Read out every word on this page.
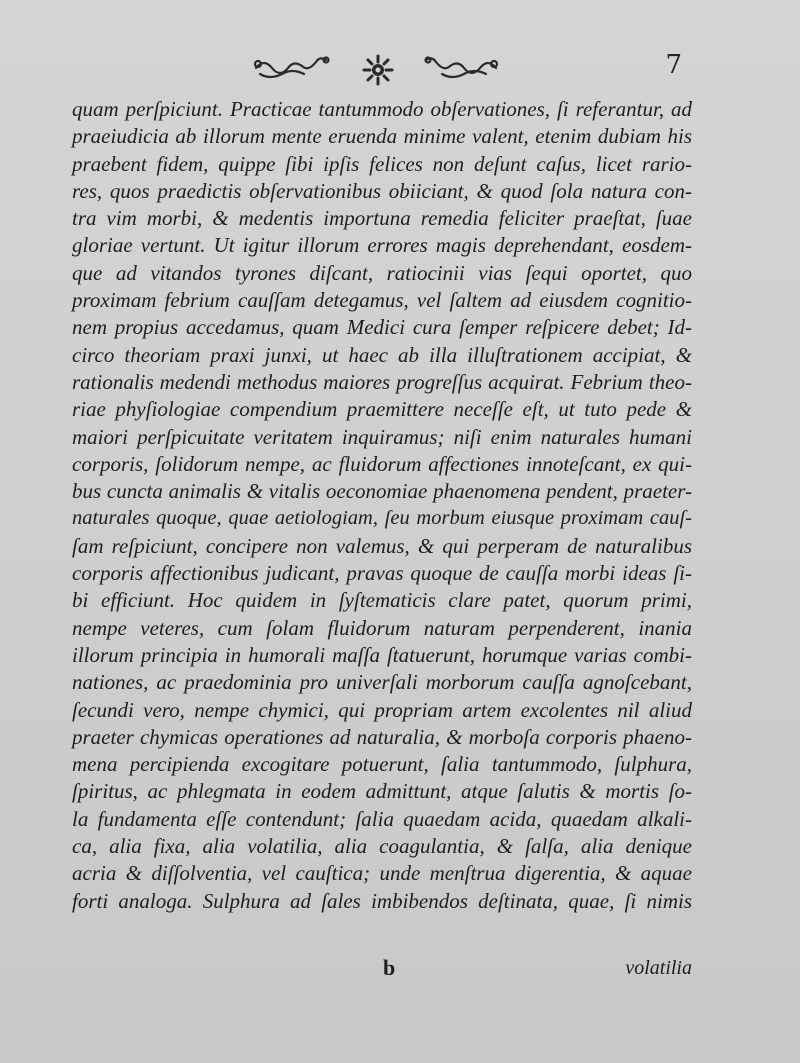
7
quam perſpiciunt. Practicae tantummodo obſervationes, ſi referantur, ad
praeiudicia ab illorum mente eruenda minime valent, etenim dubiam his
praebent fidem, quippe ſibi ipſis felices non deſunt caſus, licet rario-
res, quos praedictis obſervationibus obiiciant, & quod ſola natura con-
tra vim morbi, & medentis importuna remedia feliciter praeſtat, ſuae
gloriae vertunt. Ut igitur illorum errores magis deprehendant, eosdem-
que ad vitandos tyrones diſcant, ratiocinii vias ſequi oportet, quo
proximam febrium cauſſam detegamus, vel ſaltem ad eiusdem cognitio-
nem propius accedamus, quam Medici cura ſemper reſpicere debet; Id-
circo theoriam praxi junxi, ut haec ab illa illuſtrationem accipiat, &
rationalis medendi methodus maiores progreſſus acquirat. Febrium theo-
riae phyſiologiae compendium praemittere neceſſe eſt, ut tuto pede &
maiori perſpicuitate veritatem inquiramus; niſi enim naturales humani
corporis, ſolidorum nempe, ac fluidorum affectiones innoteſcant, ex qui-
bus cuncta animalis & vitalis oeconomiae phaenomena pendent, praeter-
naturales quoque, quae aetiologiam, ſeu morbum eiusque proximam cauſ-
ſam reſpiciunt, concipere non valemus, & qui perperam de naturalibus
corporis affectionibus judicant, pravas quoque de cauſſa morbi ideas ſi-
bi efficiunt. Hoc quidem in ſyſtematicis clare patet, quorum primi,
nempe veteres, cum ſolam fluidorum naturam perpenderent, inania
illorum principia in humorali maſſa ſtatuerunt, horumque varias combi-
nationes, ac praedominia pro univerſali morborum cauſſa agnoſcebant,
ſecundi vero, nempe chymici, qui propriam artem excolentes nil aliud
praeter chymicas operationes ad naturalia, & morboſa corporis phaeno-
mena percipienda excogitare potuerunt, ſalia tantummodo, ſulphura,
ſpiritus, ac phlegmata in eodem admittunt, atque ſalutis & mortis ſo-
la fundamenta eſſe contendunt; ſalia quaedam acida, quaedam alkali-
ca, alia fixa, alia volatilia, alia coagulantia, & ſalſa, alia denique
acria & diſſolventia, vel cauſtica; unde menſtrua digerentia, & aquae
forti analoga. Sulphura ad ſales imbibendos deſtinata, quae, ſi nimis
b	volatilia
